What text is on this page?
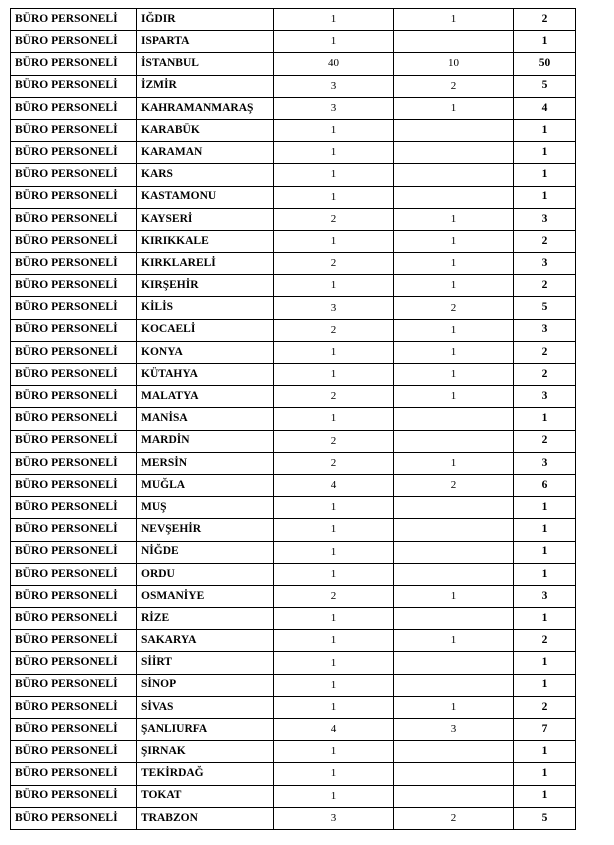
BÜRO PERSONELİ	IĞDIR	1	1	2
BÜRO PERSONELİ	ISPARTA	1		1
BÜRO PERSONELİ	İSTANBUL	40	10	50
BÜRO PERSONELİ	İZMİR	3	2	5
BÜRO PERSONELİ	KAHRAMANMARAŞ	3	1	4
BÜRO PERSONELİ	KARABÜK	1		1
BÜRO PERSONELİ	KARAMAN	1		1
BÜRO PERSONELİ	KARS	1		1
BÜRO PERSONELİ	KASTAMONU	1		1
BÜRO PERSONELİ	KAYSERİ	2	1	3
BÜRO PERSONELİ	KIRIKKALE	1	1	2
BÜRO PERSONELİ	KIRKLARELİ	2	1	3
BÜRO PERSONELİ	KIRŞEHİR	1	1	2
BÜRO PERSONELİ	KİLİS	3	2	5
BÜRO PERSONELİ	KOCAELİ	2	1	3
BÜRO PERSONELİ	KONYA	1	1	2
BÜRO PERSONELİ	KÜTAHYA	1	1	2
BÜRO PERSONELİ	MALATYA	2	1	3
BÜRO PERSONELİ	MANİSA	1		1
BÜRO PERSONELİ	MARDİN	2		2
BÜRO PERSONELİ	MERSİN	2	1	3
BÜRO PERSONELİ	MUĞLA	4	2	6
BÜRO PERSONELİ	MUŞ	1		1
BÜRO PERSONELİ	NEVŞEHİR	1		1
BÜRO PERSONELİ	NİĞDE	1		1
BÜRO PERSONELİ	ORDU	1		1
BÜRO PERSONELİ	OSMANİYE	2	1	3
BÜRO PERSONELİ	RİZE	1		1
BÜRO PERSONELİ	SAKARYA	1	1	2
BÜRO PERSONELİ	SİİRT	1		1
BÜRO PERSONELİ	SİNOP	1		1
BÜRO PERSONELİ	SİVAS	1	1	2
BÜRO PERSONELİ	ŞANLIURFA	4	3	7
BÜRO PERSONELİ	ŞIRNAK	1		1
BÜRO PERSONELİ	TEKİRDAĞ	1		1
BÜRO PERSONELİ	TOKAT	1		1
BÜRO PERSONELİ	TRABZON	3	2	5
